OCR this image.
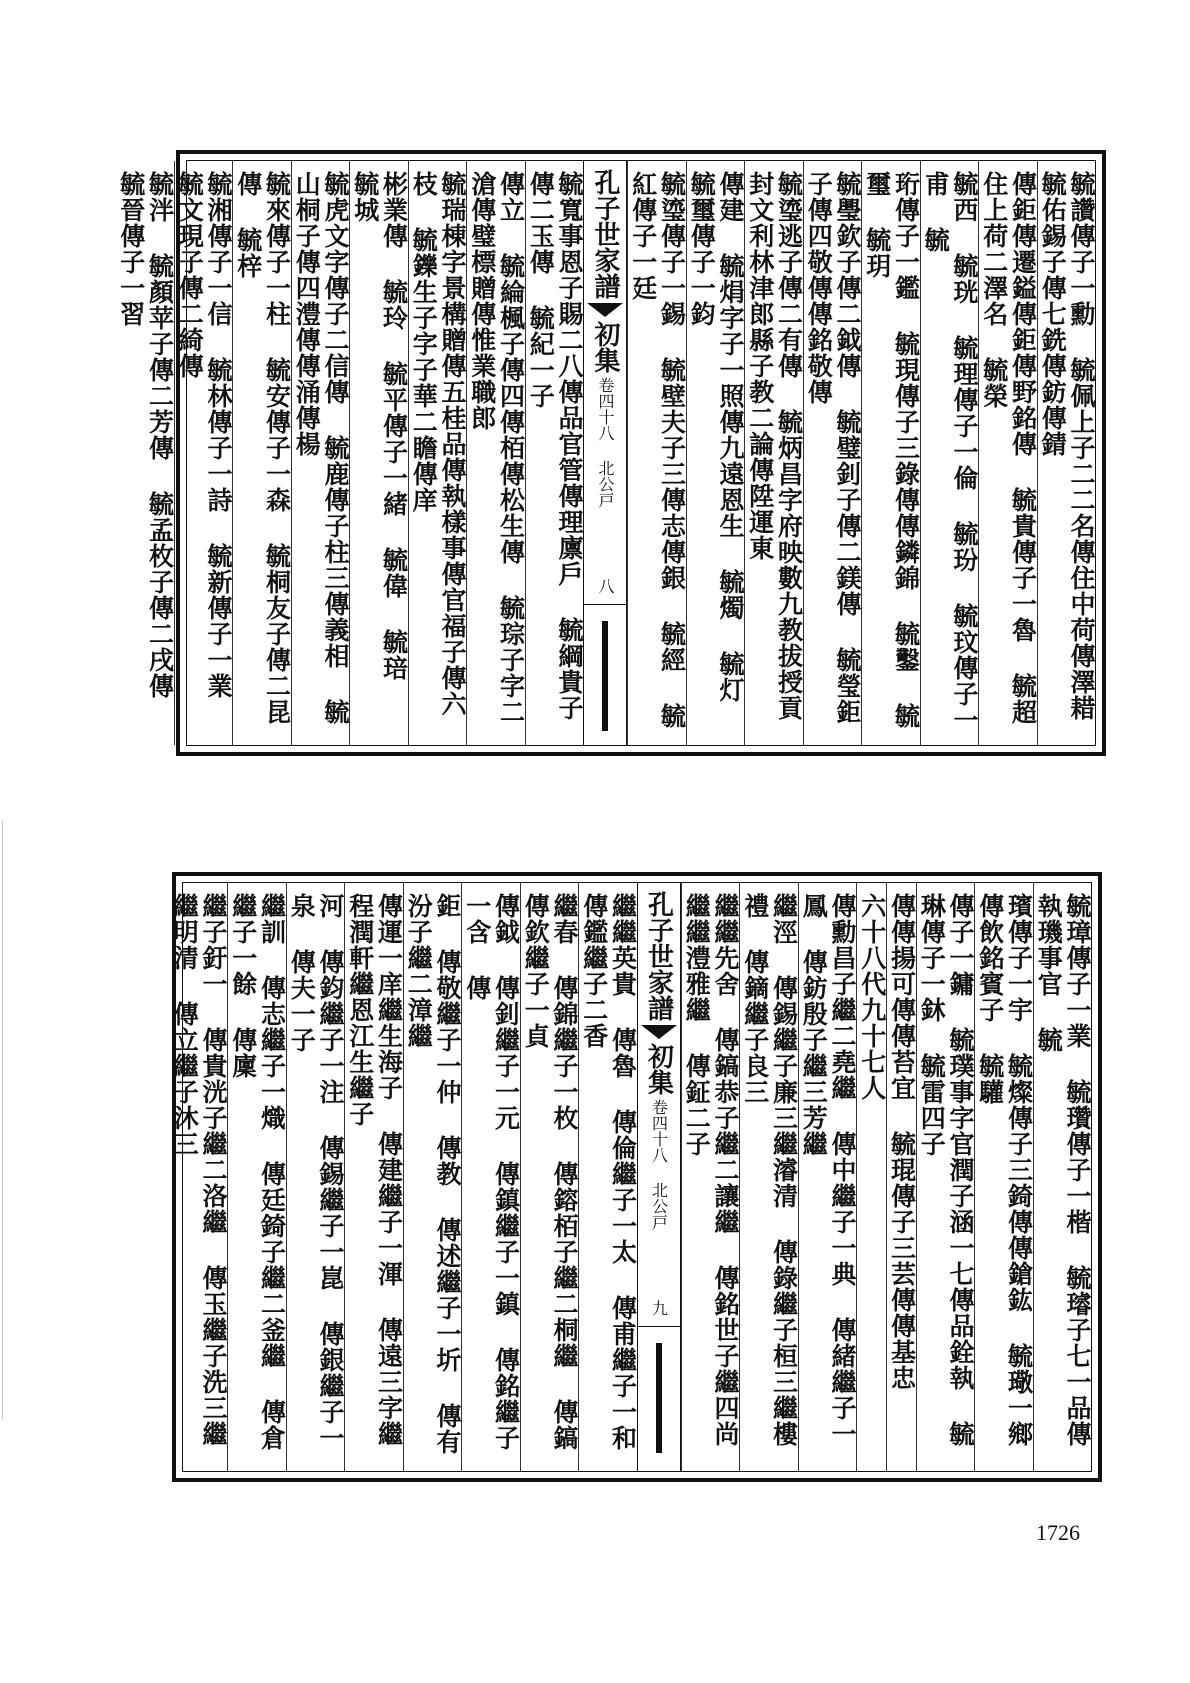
毓讚傳子一勳 毓佩上子二二名傳住中荷傳澤耤 毓佑錫子傳七銑傳鈁傳錆
傳鉅傳遷鎰傳鉅傳野銘傳 毓貴傳子一魯 毓超住上荷二澤名 毓榮
毓西 毓珖 毓理傳子一倫 毓玢 毓玟傳子一甫 毓
珩傳子一鑑 毓現傳子三錄傳傳鏻錦 毓鑿 毓璽 毓玥
毓璺欽子傳二鉞傳 毓璧釗子傳二鎂傳 毓瑩鉅子傳四敬傳傳銘敬傳
毓瑬逃子傳二有傳 毓炳昌字府映數九教拔授貢封文利林津郎縣子教二論傳陞運東
傳建 毓焆字子一照傳九遠恩生 毓燭 毓灯 毓璽傳子一鈞
毓瑬傳子一錫 毓壁夫子三傳志傳銀 毓經 毓紅傳子一廷
孔子世家譜
初集
卷四十八 北公戸
八
毓寬事恩子賜二八傳品官管傳理廪戶 毓綱貴子傳二玉傳 毓紀一子
傳立 毓綸楓子傳四傳栢傳松生傳 毓琮子字二滄傳璧標贈傳惟業職郎
毓瑞棟字景構贈傳五桂品傳執樣事傳官福子傳六枝 毓鑠生子字子華二瞻傳庠
彬業傳 毓玲 毓平傳子一緒 毓偉 毓琣 毓城
毓虎文字傳子二信傳 毓鹿傳子柱三傳義相 毓山桐子傳四澧傳傳涌傳楊
毓來傳子一柱 毓安傳子一森 毓桐友子傳二昆傳 毓梓
毓湘傳子一信 毓林傳子一詩 毓新傳子一業 毓文現子傳二綺傳
毓泮 毓顏苹子傳二芳傳 毓孟枚子傳二戌傳 毓晉傳子一習
毓璋傳子一業 毓瓚傳子一楷 毓璿子七一品傳執璣事官 毓
璸傳子一宇 毓燦傳子三錡傳傳鎗鈜 毓璥一鄉傳飲銘賓子 毓驩
傳子一鏞 毓璞事字官潤子涵一七傳品銓執 毓琳傳子一鈢 毓雷四子
傳傳揚可傳傳苔宜 毓琨傳子三芸傳傳基忠
六十八代九十七人
傳勳昌子繼二堯繼 傳中繼子一典 傳緒繼子一鳳 傳鈁殷子繼三芳繼
繼涇 傳錫繼子廉三繼濬清 傳錄繼子桓三繼樓禮 傳鏑繼子良三
繼繼先舍 傳鎬恭子繼二讓繼 傳銘世子繼四尚繼繼澧雅繼 傳鉦二子
孔子世家譜
初集
卷四十八 北公戸
九
繼繼英貴 傳魯 傳倫繼子一太 傳甫繼子一和 傳鑑繼子二香
繼春 傳錦繼子一枚 傳鎔栢子繼二桐繼 傳鎬 傳欽繼子一貞
傳鉞 傳釗繼子一元 傳鎮繼子一鎮 傳銘繼子一含 傳
鉅 傳敬繼子一仲 傳教 傳述繼子一圻 傳有汾子繼二漳繼
傳運一庠繼生海子 傳建繼子一渾 傳遠三字繼程潤軒繼恩江生繼子
河 傳鈞繼子一注 傳錫繼子一崑 傳銀繼子一泉 傳夫一子
繼訓 傳志繼子一熾 傳廷錡子繼二釜繼 傳倉繼子一餘 傳廩
繼子釪一 傳貴洸子繼二洛繼 傳玉繼子洗三繼繼明清 傳立繼子沐三
1726
